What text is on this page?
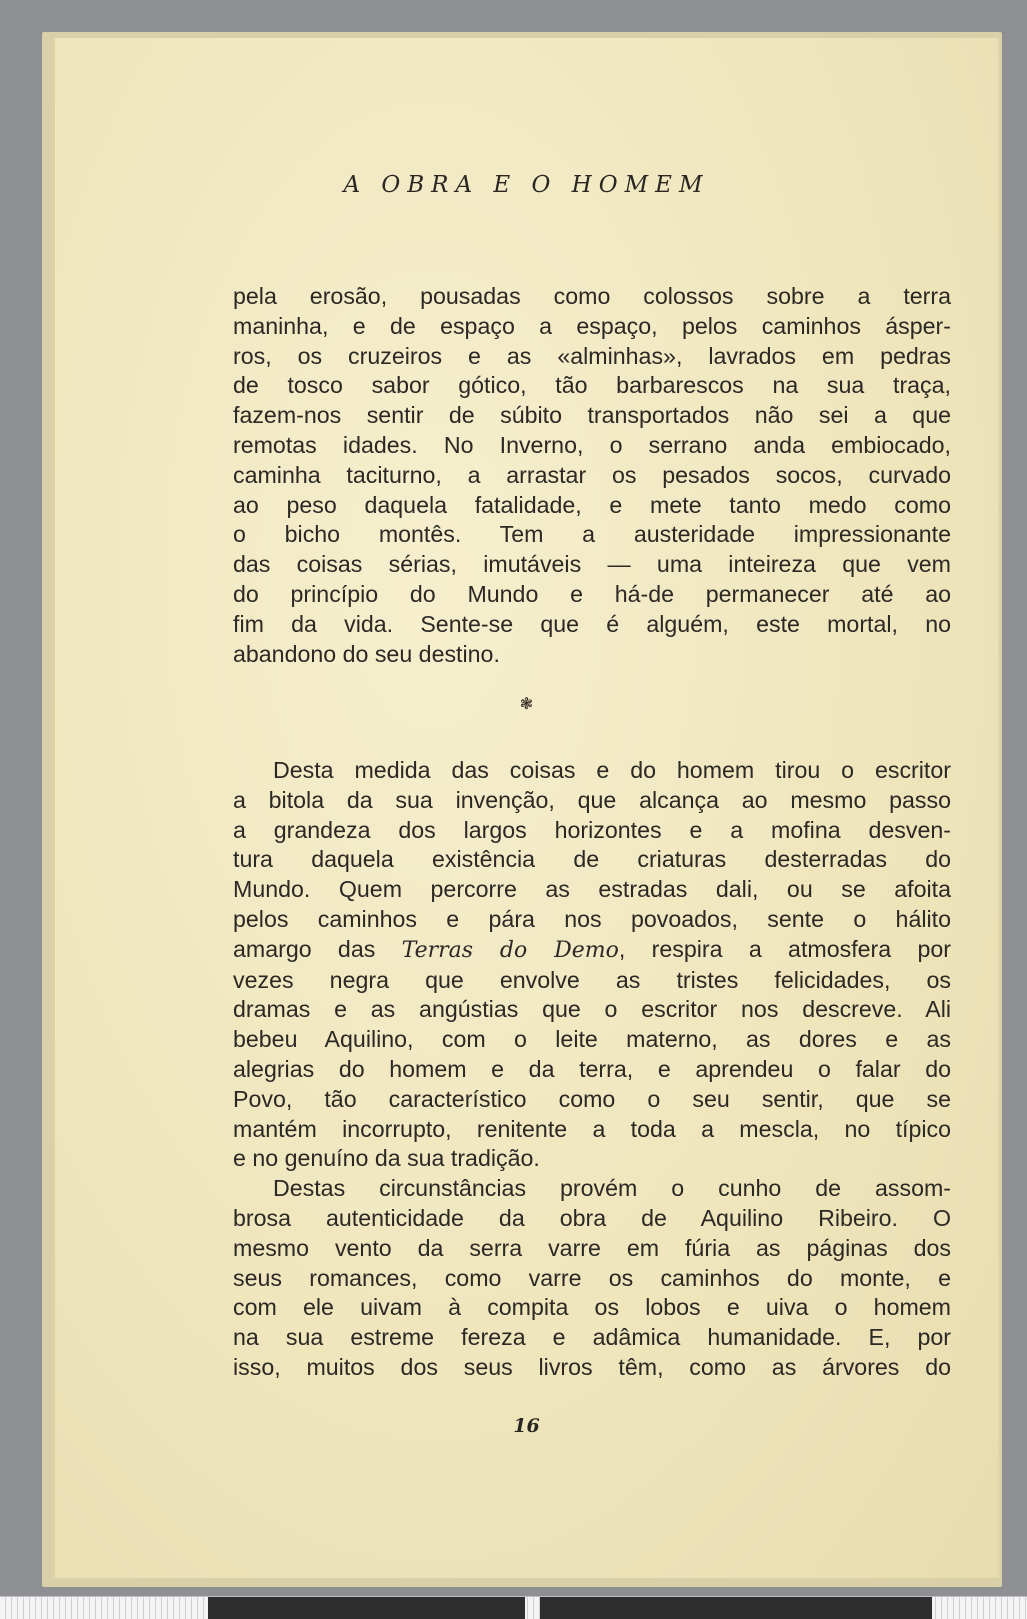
A OBRA E O HOMEM
pela erosão, pousadas como colossos sobre a terra
maninha, e de espaço a espaço, pelos caminhos ásper-
ros, os cruzeiros e as «alminhas», lavrados em pedras
de tosco sabor gótico, tão barbarescos na sua traça,
fazem-nos sentir de súbito transportados não sei a que
remotas idades. No Inverno, o serrano anda embiocado,
caminha taciturno, a arrastar os pesados socos, curvado
ao peso daquela fatalidade, e mete tanto medo como
o bicho montês. Tem a austeridade impressionante
das coisas sérias, imutáveis — uma inteireza que vem
do princípio do Mundo e há-de permanecer até ao
fim da vida. Sente-se que é alguém, este mortal, no
abandono do seu destino.
❃
Desta medida das coisas e do homem tirou o escritor
a bitola da sua invenção, que alcança ao mesmo passo
a grandeza dos largos horizontes e a mofina desven-
tura daquela existência de criaturas desterradas do
Mundo. Quem percorre as estradas dali, ou se afoita
pelos caminhos e pára nos povoados, sente o hálito
amargo das Terras do Demo, respira a atmosfera por
vezes negra que envolve as tristes felicidades, os
dramas e as angústias que o escritor nos descreve. Ali
bebeu Aquilino, com o leite materno, as dores e as
alegrias do homem e da terra, e aprendeu o falar do
Povo, tão característico como o seu sentir, que se
mantém incorrupto, renitente a toda a mescla, no típico
e no genuíno da sua tradição.
Destas circunstâncias provém o cunho de assom-
brosa autenticidade da obra de Aquilino Ribeiro. O
mesmo vento da serra varre em fúria as páginas dos
seus romances, como varre os caminhos do monte, e
com ele uivam à compita os lobos e uiva o homem
na sua estreme fereza e adâmica humanidade. E, por
isso, muitos dos seus livros têm, como as árvores do
16
